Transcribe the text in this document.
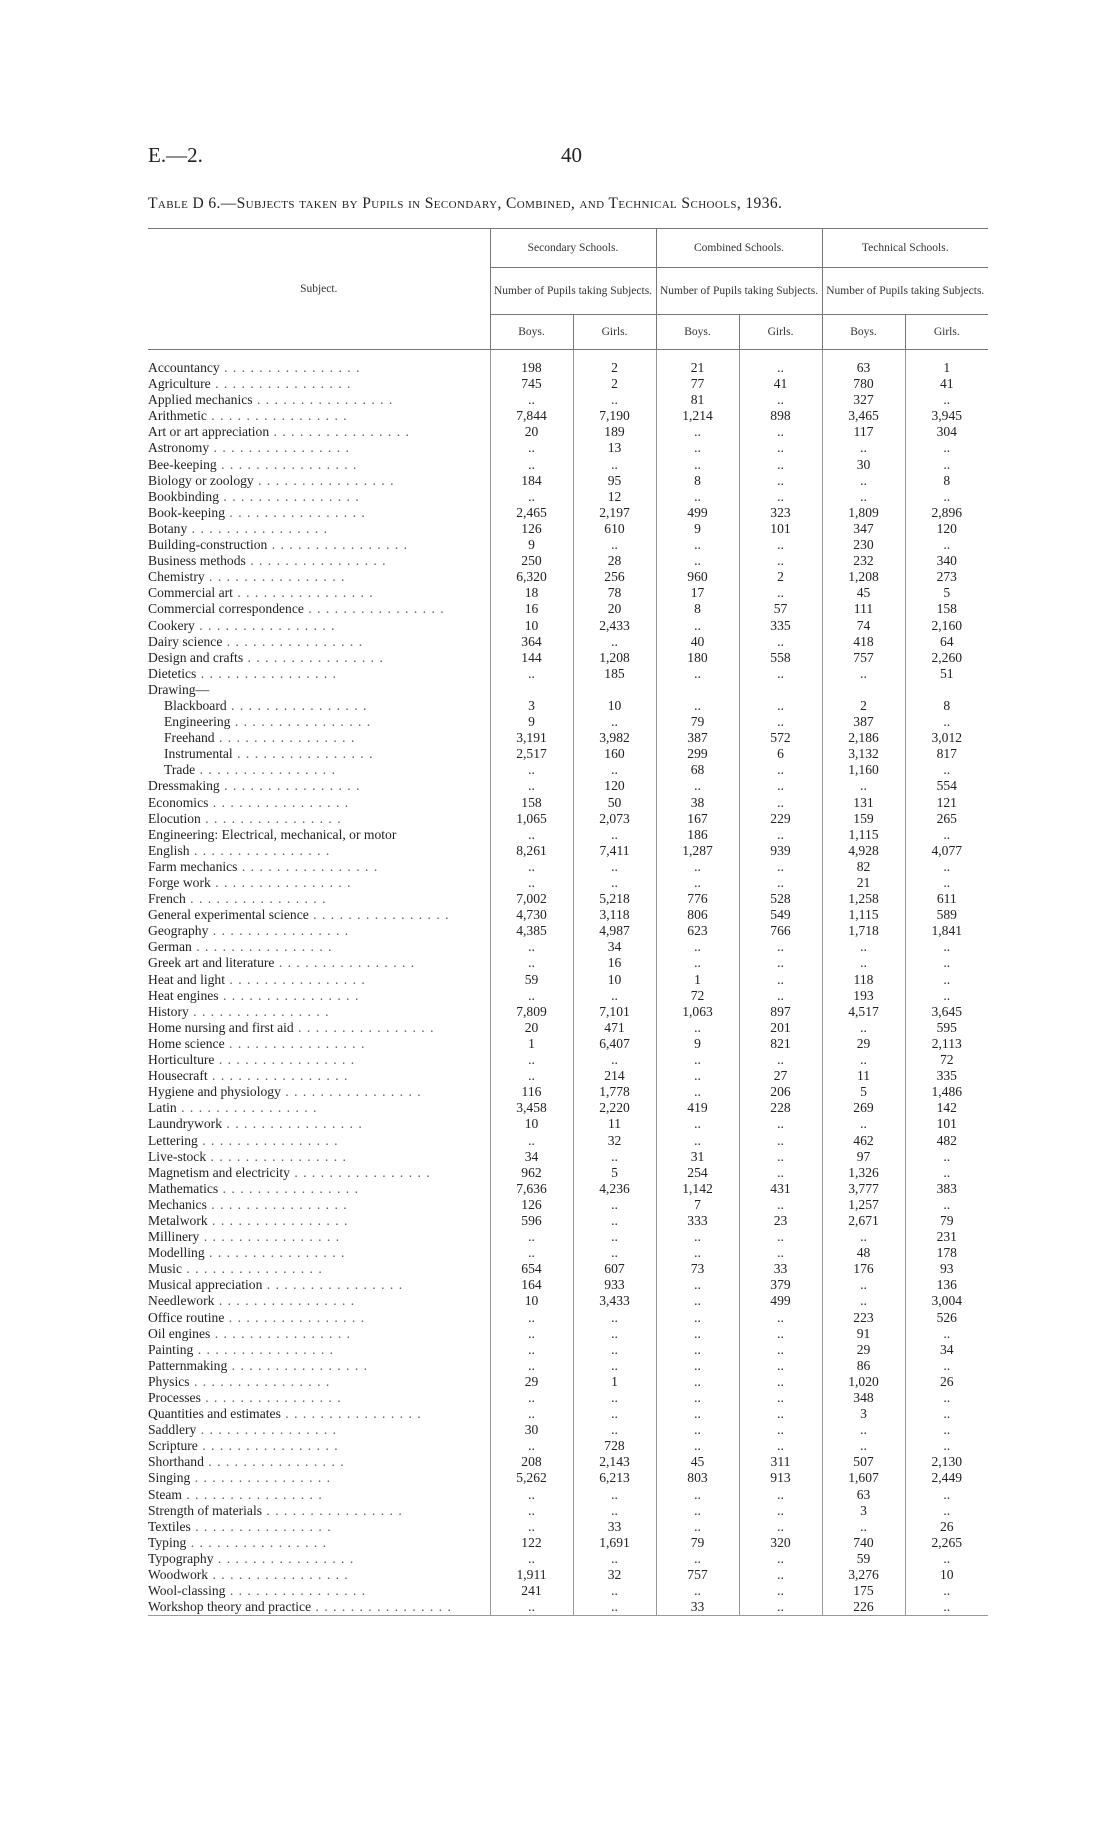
E.—2.	40
Table D 6.—Subjects taken by Pupils in Secondary, Combined, and Technical Schools, 1936.
Subject.	Secondary Schools.		Combined Schools.		Technical Schools.	
	Number of Pupils taking Subjects.		Number of Pupils taking Subjects.		Number of Pupils taking Subjects.	
	Boys.	Girls.	Boys.	Girls.	Boys.	Girls.
Accountancy . . . . . . . . . . . . . . . .	198	2	21	..	63	1
Agriculture . . . . . . . . . . . . . . . .	745	2	77	41	780	41
Applied mechanics . . . . . . . . . . . . . . . .	..	..	81	..	327	..
Arithmetic . . . . . . . . . . . . . . . .	7,844	7,190	1,214	898	3,465	3,945
Art or art appreciation . . . . . . . . . . . . . . . .	20	189	..	..	117	304
Astronomy . . . . . . . . . . . . . . . .	..	13	..	..	..	..
Bee-keeping . . . . . . . . . . . . . . . .	..	..	..	..	30	..
Biology or zoology . . . . . . . . . . . . . . . .	184	95	8	..	..	8
Bookbinding . . . . . . . . . . . . . . . .	..	12	..	..	..	..
Book-keeping . . . . . . . . . . . . . . . .	2,465	2,197	499	323	1,809	2,896
Botany . . . . . . . . . . . . . . . .	126	610	9	101	347	120
Building-construction . . . . . . . . . . . . . . . .	9	..	..	..	230	..
Business methods . . . . . . . . . . . . . . . .	250	28	..	..	232	340
Chemistry . . . . . . . . . . . . . . . .	6,320	256	960	2	1,208	273
Commercial art . . . . . . . . . . . . . . . .	18	78	17	..	45	5
Commercial correspondence . . . . . . . . . . . . . . . .	16	20	8	57	111	158
Cookery . . . . . . . . . . . . . . . .	10	2,433	..	335	74	2,160
Dairy science . . . . . . . . . . . . . . . .	364	..	40	..	418	64
Design and crafts . . . . . . . . . . . . . . . .	144	1,208	180	558	757	2,260
Dietetics . . . . . . . . . . . . . . . .	..	185	..	..	..	51
Drawing—						
Blackboard . . . . . . . . . . . . . . . .	3	10	..	..	2	8
Engineering . . . . . . . . . . . . . . . .	9	..	79	..	387	..
Freehand . . . . . . . . . . . . . . . .	3,191	3,982	387	572	2,186	3,012
Instrumental . . . . . . . . . . . . . . . .	2,517	160	299	6	3,132	817
Trade . . . . . . . . . . . . . . . .	..	..	68	..	1,160	..
Dressmaking . . . . . . . . . . . . . . . .	..	120	..	..	..	554
Economics . . . . . . . . . . . . . . . .	158	50	38	..	131	121
Elocution . . . . . . . . . . . . . . . .	1,065	2,073	167	229	159	265
Engineering: Electrical, mechanical, or motor	..	..	186	..	1,115	..
English . . . . . . . . . . . . . . . .	8,261	7,411	1,287	939	4,928	4,077
Farm mechanics . . . . . . . . . . . . . . . .	..	..	..	..	82	..
Forge work . . . . . . . . . . . . . . . .	..	..	..	..	21	..
French . . . . . . . . . . . . . . . .	7,002	5,218	776	528	1,258	611
General experimental science . . . . . . . . . . . . . . . .	4,730	3,118	806	549	1,115	589
Geography . . . . . . . . . . . . . . . .	4,385	4,987	623	766	1,718	1,841
German . . . . . . . . . . . . . . . .	..	34	..	..	..	..
Greek art and literature . . . . . . . . . . . . . . . .	..	16	..	..	..	..
Heat and light . . . . . . . . . . . . . . . .	59	10	1	..	118	..
Heat engines . . . . . . . . . . . . . . . .	..	..	72	..	193	..
History . . . . . . . . . . . . . . . .	7,809	7,101	1,063	897	4,517	3,645
Home nursing and first aid . . . . . . . . . . . . . . . .	20	471	..	201	..	595
Home science . . . . . . . . . . . . . . . .	1	6,407	9	821	29	2,113
Horticulture . . . . . . . . . . . . . . . .	..	..	..	..	..	72
Housecraft . . . . . . . . . . . . . . . .	..	214	..	27	11	335
Hygiene and physiology . . . . . . . . . . . . . . . .	116	1,778	..	206	5	1,486
Latin . . . . . . . . . . . . . . . .	3,458	2,220	419	228	269	142
Laundrywork . . . . . . . . . . . . . . . .	10	11	..	..	..	101
Lettering . . . . . . . . . . . . . . . .	..	32	..	..	462	482
Live-stock . . . . . . . . . . . . . . . .	34	..	31	..	97	..
Magnetism and electricity . . . . . . . . . . . . . . . .	962	5	254	..	1,326	..
Mathematics . . . . . . . . . . . . . . . .	7,636	4,236	1,142	431	3,777	383
Mechanics . . . . . . . . . . . . . . . .	126	..	7	..	1,257	..
Metalwork . . . . . . . . . . . . . . . .	596	..	333	23	2,671	79
Millinery . . . . . . . . . . . . . . . .	..	..	..	..	..	231
Modelling . . . . . . . . . . . . . . . .	..	..	..	..	48	178
Music . . . . . . . . . . . . . . . .	654	607	73	33	176	93
Musical appreciation . . . . . . . . . . . . . . . .	164	933	..	379	..	136
Needlework . . . . . . . . . . . . . . . .	10	3,433	..	499	..	3,004
Office routine . . . . . . . . . . . . . . . .	..	..	..	..	223	526
Oil engines . . . . . . . . . . . . . . . .	..	..	..	..	91	..
Painting . . . . . . . . . . . . . . . .	..	..	..	..	29	34
Patternmaking . . . . . . . . . . . . . . . .	..	..	..	..	86	..
Physics . . . . . . . . . . . . . . . .	29	1	..	..	1,020	26
Processes . . . . . . . . . . . . . . . .	..	..	..	..	348	..
Quantities and estimates . . . . . . . . . . . . . . . .	..	..	..	..	3	..
Saddlery . . . . . . . . . . . . . . . .	30	..	..	..	..	..
Scripture . . . . . . . . . . . . . . . .	..	728	..	..	..	..
Shorthand . . . . . . . . . . . . . . . .	208	2,143	45	311	507	2,130
Singing . . . . . . . . . . . . . . . .	5,262	6,213	803	913	1,607	2,449
Steam . . . . . . . . . . . . . . . .	..	..	..	..	63	..
Strength of materials . . . . . . . . . . . . . . . .	..	..	..	..	3	..
Textiles . . . . . . . . . . . . . . . .	..	33	..	..	..	26
Typing . . . . . . . . . . . . . . . .	122	1,691	79	320	740	2,265
Typography . . . . . . . . . . . . . . . .	..	..	..	..	59	..
Woodwork . . . . . . . . . . . . . . . .	1,911	32	757	..	3,276	10
Wool-classing . . . . . . . . . . . . . . . .	241	..	..	..	175	..
Workshop theory and practice . . . . . . . . . . . . . . . .	..	..	33	..	226	..
